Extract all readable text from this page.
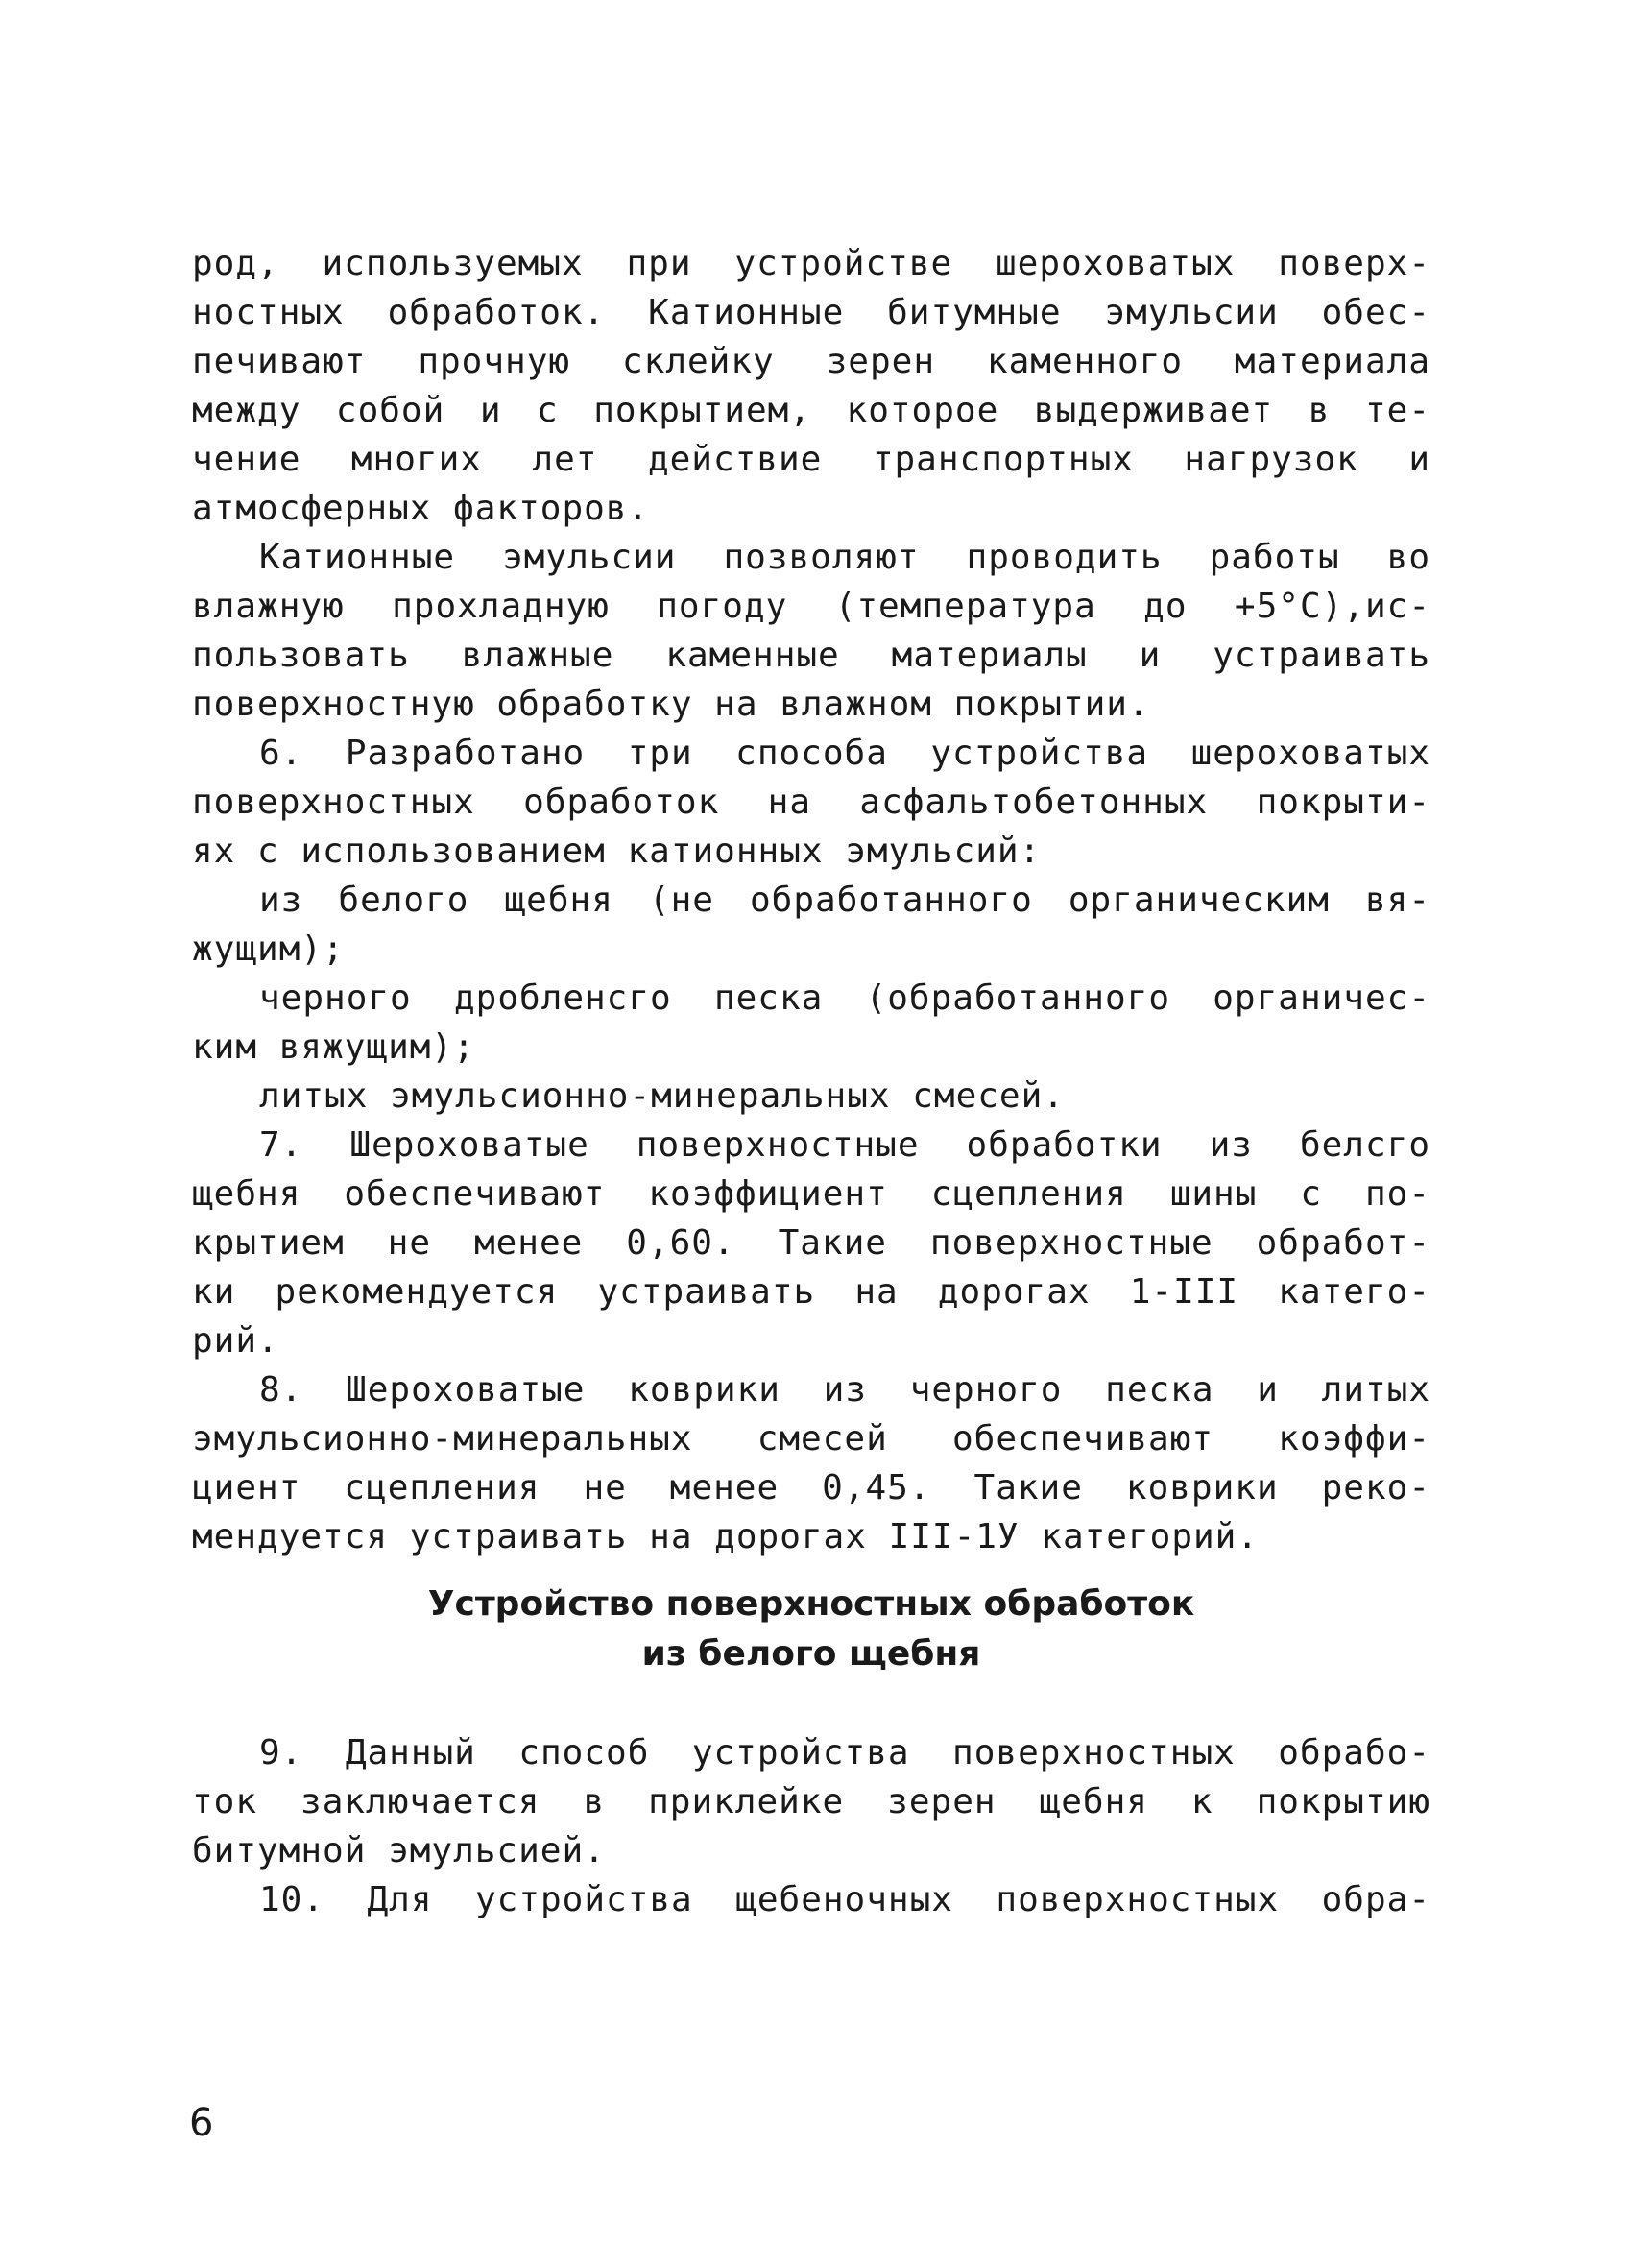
род, используемых при устройстве шероховатых поверх-
ностных обработок. Катионные битумные эмульсии обес-
печивают прочную склейку зерен каменного материала
между собой и с покрытием, которое выдерживает в те-
чение многих лет действие транспортных нагрузок и
атмосферных факторов.
Катионные эмульсии позволяют проводить работы во
влажную прохладную погоду (температура до +5°С),ис-
пользовать влажные каменные материалы и устраивать
поверхностную обработку на влажном покрытии.
6. Разработано три способа устройства шероховатых
поверхностных обработок на асфальтобетонных покрыти-
ях с использованием катионных эмульсий:
из белого щебня (не обработанного органическим вя-
жущим);
черного дробленсго песка (обработанного органичес-
ким вяжущим);
литых эмульсионно-минеральных смесей.
7. Шероховатые поверхностные обработки из белсго
щебня обеспечивают коэффициент сцепления шины с по-
крытием не менее 0,60. Такие поверхностные обработ-
ки рекомендуется устраивать на дорогах 1-III катего-
рий.
8. Шероховатые коврики из черного песка и литых
эмульсионно-минеральных смесей обеспечивают коэффи-
циент сцепления не менее 0,45. Такие коврики реко-
мендуется устраивать на дорогах III-1У категорий.
Устройство поверхностных обработок
из белого щебня
9. Данный способ устройства поверхностных обрабо-
ток заключается в приклейке зерен щебня к покрытию
битумной эмульсией.
10. Для устройства щебеночных поверхностных обра-
6
